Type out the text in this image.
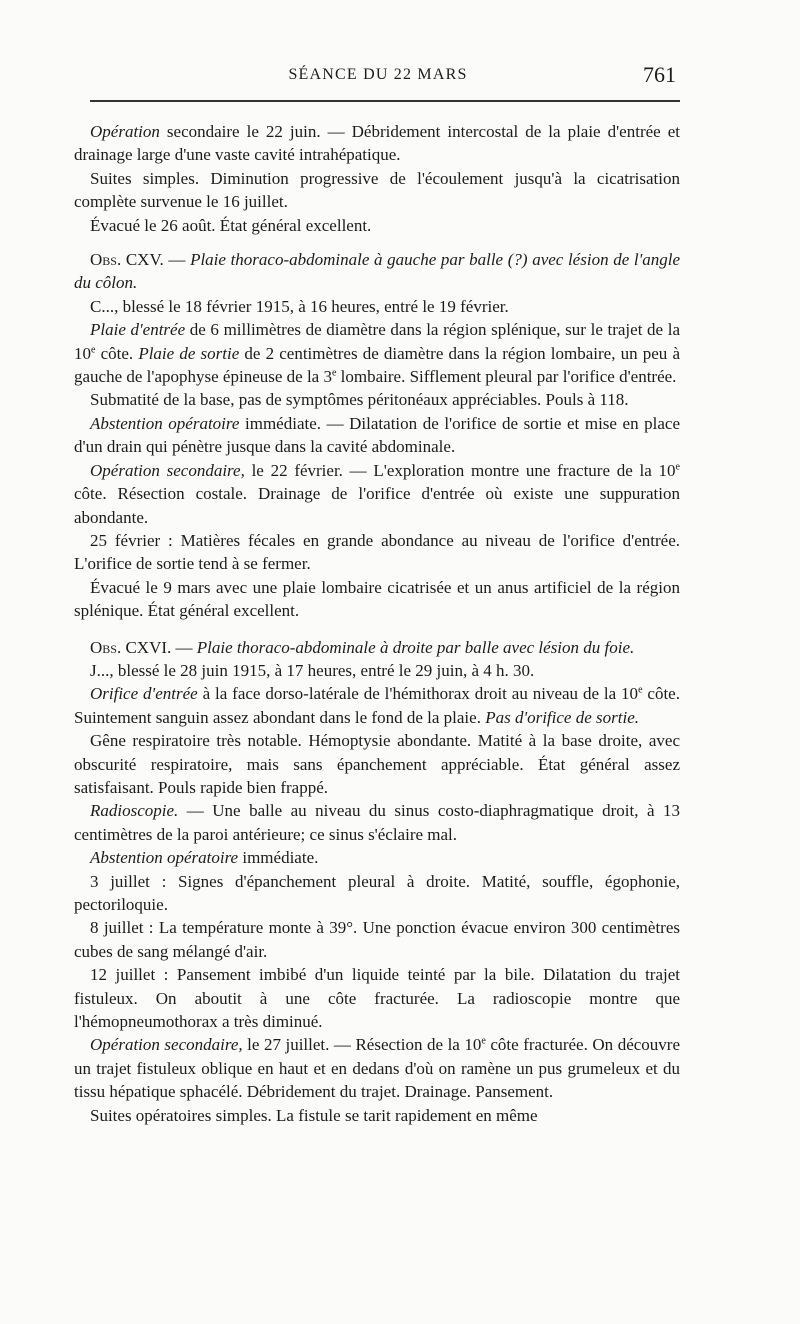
SÉANCE DU 22 MARS	761

Opération secondaire le 22 juin. — Débridement intercostal de la plaie d'entrée et drainage large d'une vaste cavité intrahépatique.

Suites simples. Diminution progressive de l'écoulement jusqu'à la cicatrisation complète survenue le 16 juillet.

Évacué le 26 août. État général excellent.

Obs. CXV. — Plaie thoraco-abdominale à gauche par balle (?) avec lésion de l'angle du côlon.

C..., blessé le 18 février 1915, à 16 heures, entré le 19 février.

Plaie d'entrée de 6 millimètres de diamètre dans la région splénique, sur le trajet de la 10e côte. Plaie de sortie de 2 centimètres de diamètre dans la région lombaire, un peu à gauche de l'apophyse épineuse de la 3e lombaire. Sifflement pleural par l'orifice d'entrée.

Submatité de la base, pas de symptômes péritonéaux appréciables. Pouls à 118.

Abstention opératoire immédiate. — Dilatation de l'orifice de sortie et mise en place d'un drain qui pénètre jusque dans la cavité abdominale.

Opération secondaire, le 22 février. — L'exploration montre une fracture de la 10e côte. Résection costale. Drainage de l'orifice d'entrée où existe une suppuration abondante.

25 février : Matières fécales en grande abondance au niveau de l'orifice d'entrée. L'orifice de sortie tend à se fermer.

Évacué le 9 mars avec une plaie lombaire cicatrisée et un anus artificiel de la région splénique. État général excellent.

Obs. CXVI. — Plaie thoraco-abdominale à droite par balle avec lésion du foie.

J..., blessé le 28 juin 1915, à 17 heures, entré le 29 juin, à 4 h. 30.

Orifice d'entrée à la face dorso-latérale de l'hémithorax droit au niveau de la 10e côte. Suintement sanguin assez abondant dans le fond de la plaie. Pas d'orifice de sortie.

Gêne respiratoire très notable. Hémoptysie abondante. Matité à la base droite, avec obscurité respiratoire, mais sans épanchement appréciable. État général assez satisfaisant. Pouls rapide bien frappé.

Radioscopie. — Une balle au niveau du sinus costo-diaphragmatique droit, à 13 centimètres de la paroi antérieure; ce sinus s'éclaire mal.

Abstention opératoire immédiate.

3 juillet : Signes d'épanchement pleural à droite. Matité, souffle, égophonie, pectoriloquie.

8 juillet : La température monte à 39°. Une ponction évacue environ 300 centimètres cubes de sang mélangé d'air.

12 juillet : Pansement imbibé d'un liquide teinté par la bile. Dilatation du trajet fistuleux. On aboutit à une côte fracturée. La radioscopie montre que l'hémopneumothorax a très diminué.

Opération secondaire, le 27 juillet. — Résection de la 10e côte fracturée. On découvre un trajet fistuleux oblique en haut et en dedans d'où on ramène un pus grumeleux et du tissu hépatique sphacélé. Débridement du trajet. Drainage. Pansement.

Suites opératoires simples. La fistule se tarit rapidement en même
